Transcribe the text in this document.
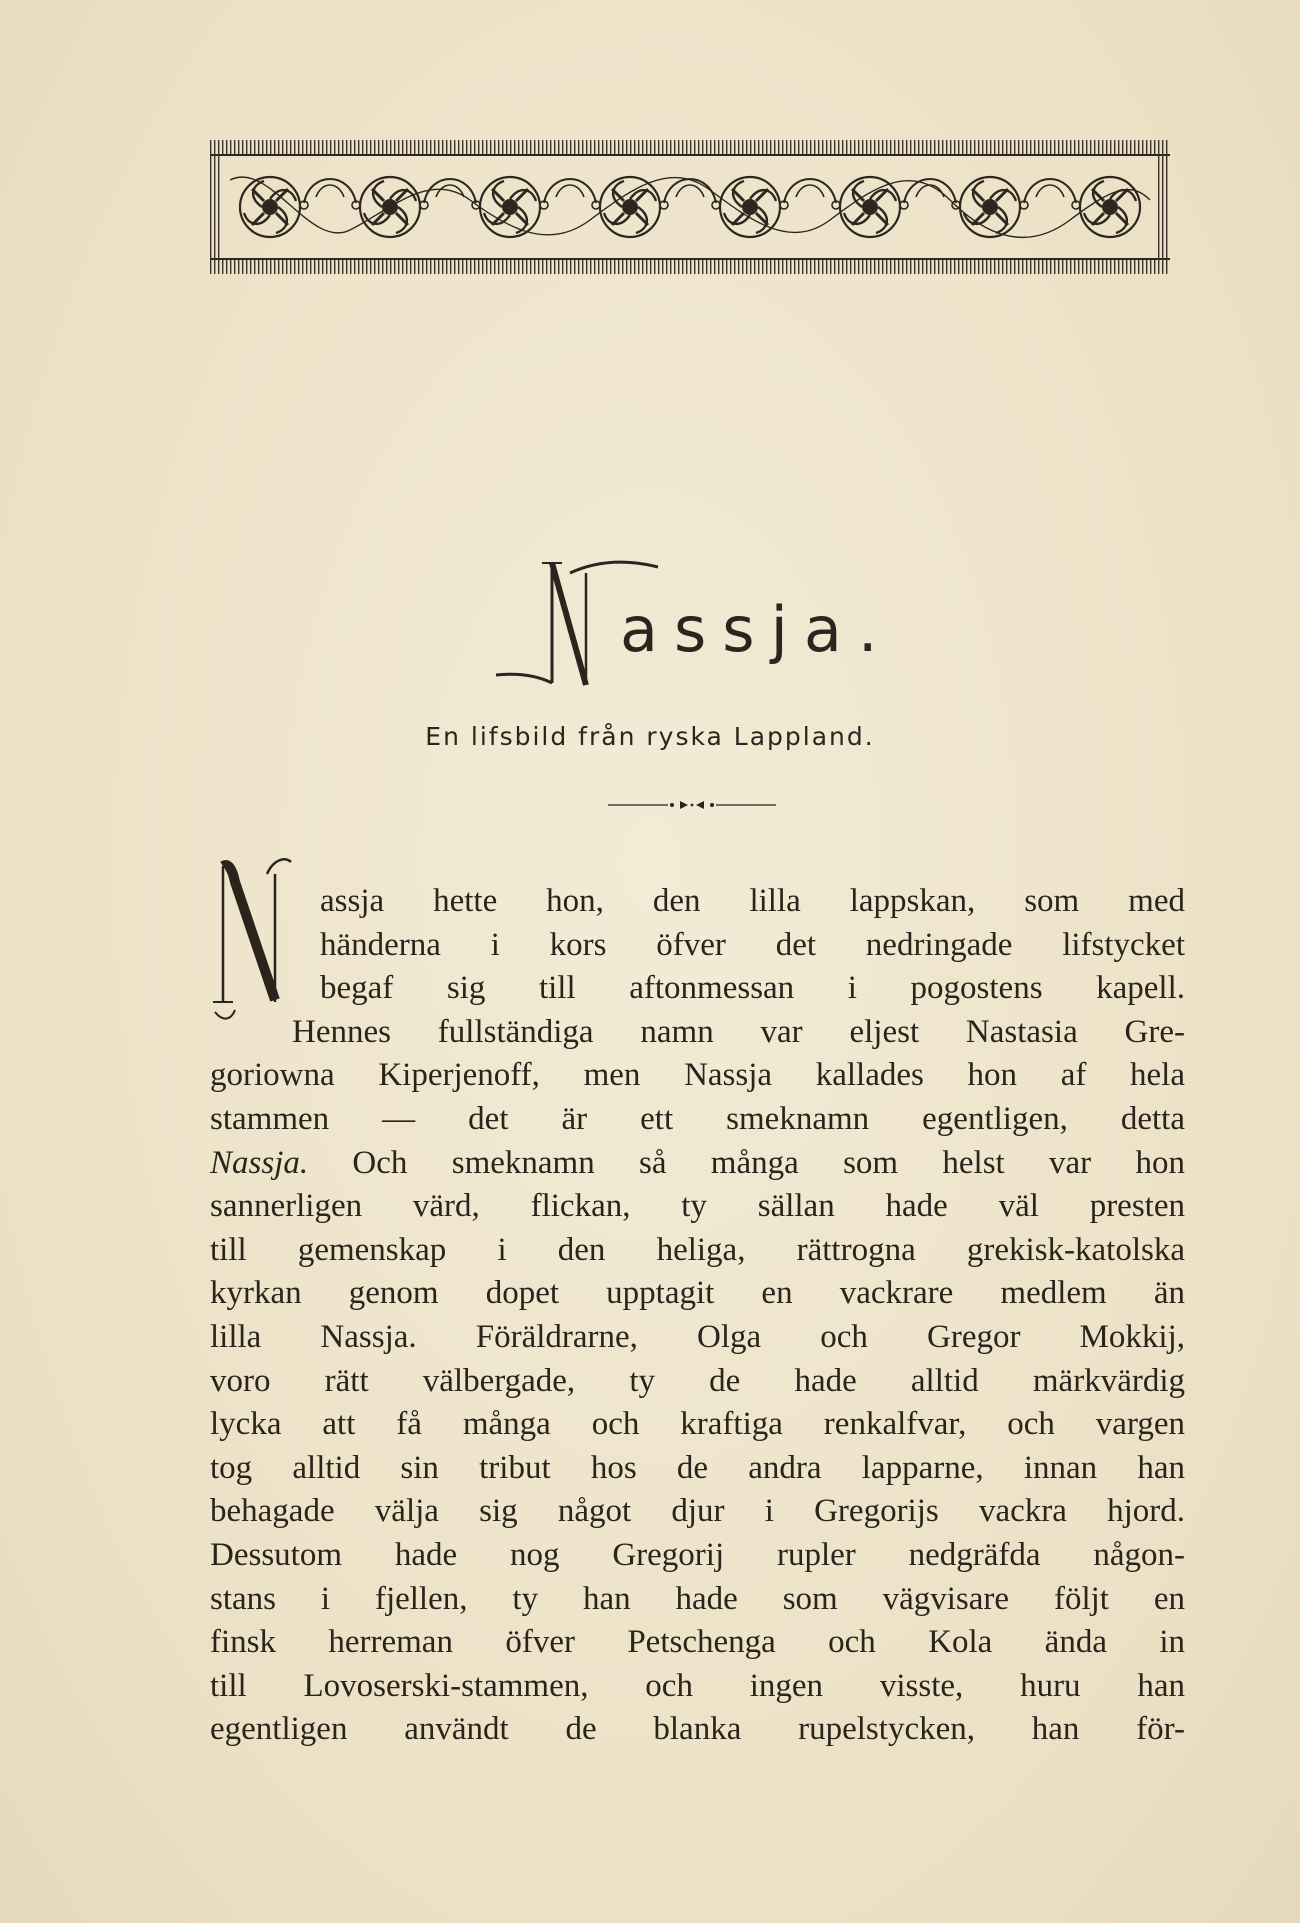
assja.
En lifsbild från ryska Lappland.
assja hette hon, den lilla lappskan, som med
händerna i kors öfver det nedringade lifstycket
begaf sig till aftonmessan i pogostens kapell.
Hennes fullständiga namn var eljest Nastasia Gre-
goriowna Kiperjenoff, men Nassja kallades hon af hela
stammen — det är ett smeknamn egentligen, detta
Nassja. Och smeknamn så många som helst var hon
sannerligen värd, flickan, ty sällan hade väl presten
till gemenskap i den heliga, rättrogna grekisk-katolska
kyrkan genom dopet upptagit en vackrare medlem än
lilla Nassja. Föräldrarne, Olga och Gregor Mokkij,
voro rätt välbergade, ty de hade alltid märkvärdig
lycka att få många och kraftiga renkalfvar, och vargen
tog alltid sin tribut hos de andra lapparne, innan han
behagade välja sig något djur i Gregorijs vackra hjord.
Dessutom hade nog Gregorij rupler nedgräfda någon-
stans i fjellen, ty han hade som vägvisare följt en
finsk herreman öfver Petschenga och Kola ända in
till Lovoserski-stammen, och ingen visste, huru han
egentligen användt de blanka rupelstycken, han för-
